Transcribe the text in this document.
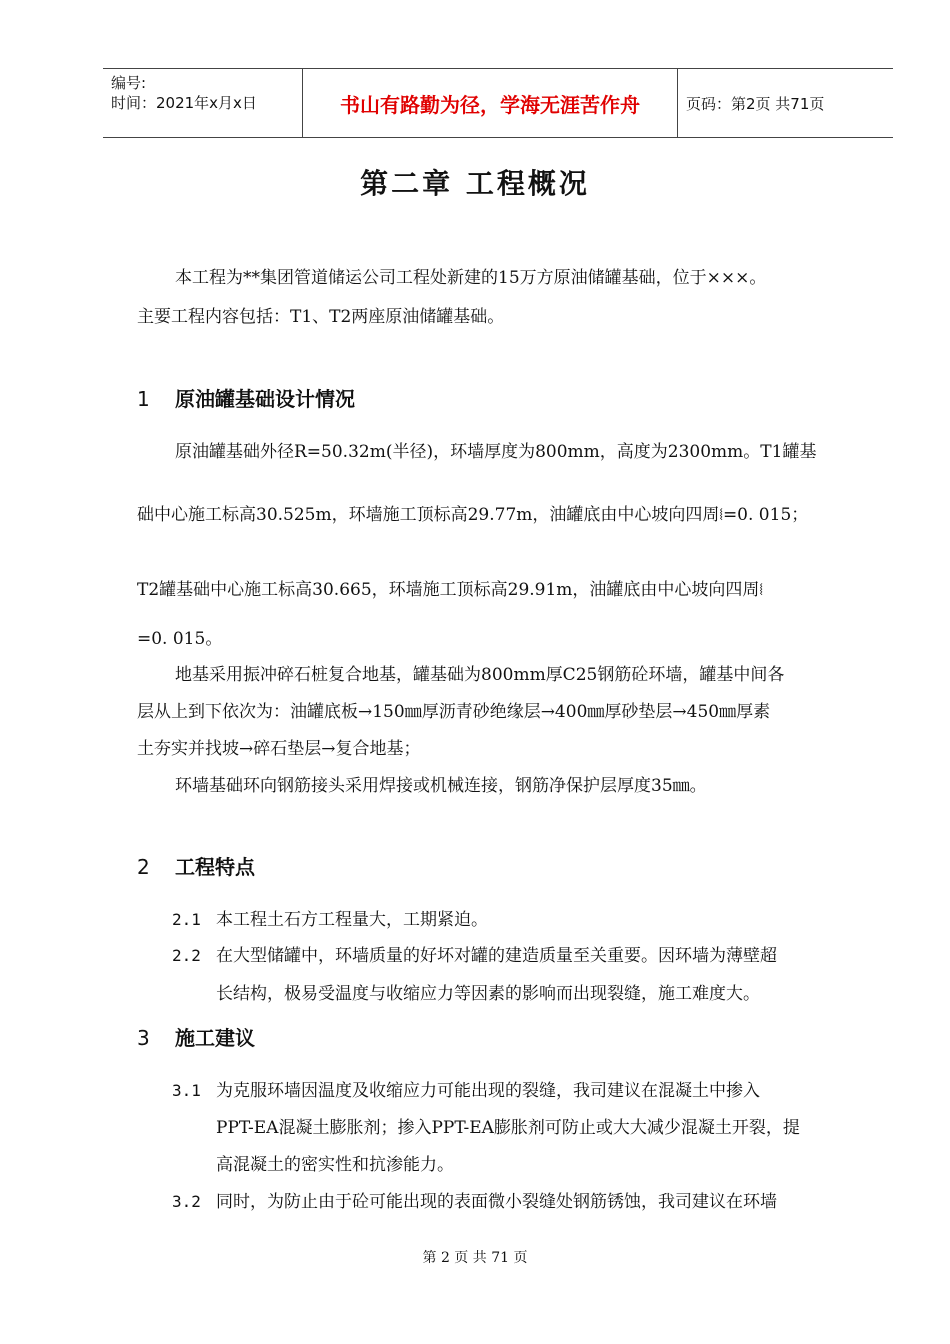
编号:
时间：2021年x月x日	书山有路勤为径，学海无涯苦作舟	页码：第2页 共71页
第二章 工程概况
本工程为**集团管道储运公司工程处新建的15万方原油储罐基础，位于×××。
主要工程内容包括：T1、T2两座原油储罐基础。
1 原油罐基础设计情况
原油罐基础外径R=50.32m(半径)，环墙厚度为800mm，高度为2300mm。T1罐基
础中心施工标高30.525m，环墙施工顶标高29.77m，油罐底由中心坡向四周⧙=0. 015；
T2罐基础中心施工标高30.665，环墙施工顶标高29.91m，油罐底由中心坡向四周⧙
=0. 015。
地基采用振冲碎石桩复合地基，罐基础为800mm厚C25钢筋砼环墙，罐基中间各
层从上到下依次为：油罐底板→150㎜厚沥青砂绝缘层→400㎜厚砂垫层→450㎜厚素
土夯实并找坡→碎石垫层→复合地基；
环墙基础环向钢筋接头采用焊接或机械连接，钢筋净保护层厚度35㎜。
2 工程特点
2.1 本工程土石方工程量大，工期紧迫。
2.2 在大型储罐中，环墙质量的好坏对罐的建造质量至关重要。因环墙为薄壁超
长结构，极易受温度与收缩应力等因素的影响而出现裂缝，施工难度大。
3 施工建议
3.1 为克服环墙因温度及收缩应力可能出现的裂缝，我司建议在混凝土中掺入
PPT-EA混凝土膨胀剂；掺入PPT-EA膨胀剂可防止或大大减少混凝土开裂，提
高混凝土的密实性和抗渗能力。
3.2 同时，为防止由于砼可能出现的表面微小裂缝处钢筋锈蚀，我司建议在环墙
第 2 页 共 71 页
